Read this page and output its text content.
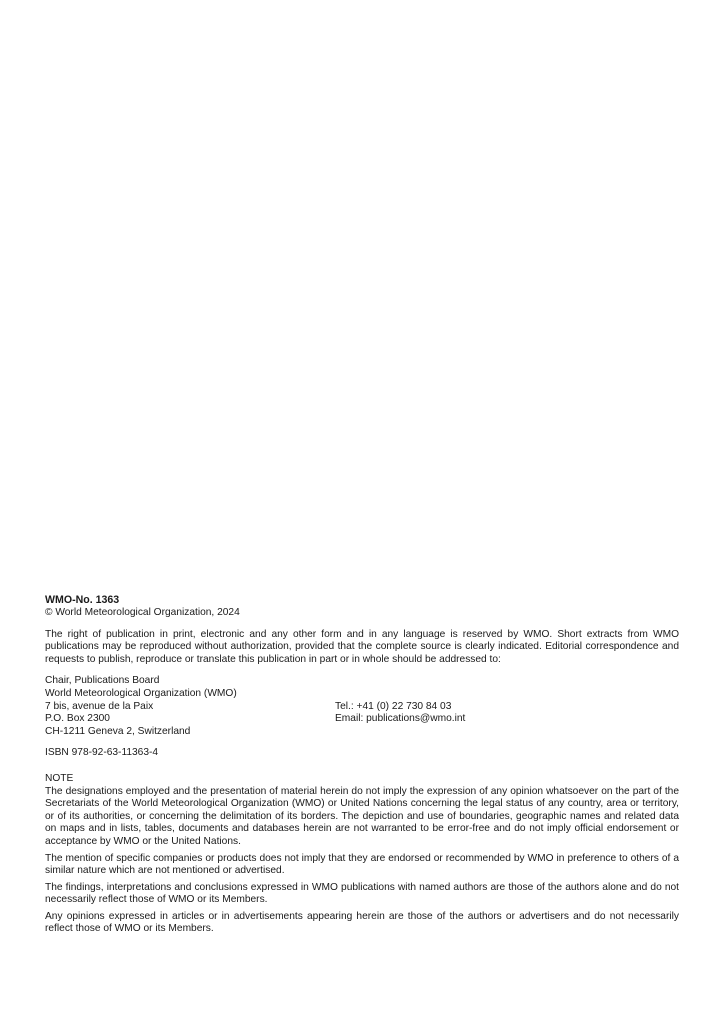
WMO-No. 1363
© World Meteorological Organization, 2024

The right of publication in print, electronic and any other form and in any language is reserved by WMO. Short extracts from WMO publications may be reproduced without authorization, provided that the complete source is clearly indicated. Editorial correspondence and requests to publish, reproduce or translate this publication in part or in whole should be addressed to:

Chair, Publications Board
World Meteorological Organization (WMO)
7 bis, avenue de la Paix	Tel.: +41 (0) 22 730 84 03
P.O. Box 2300	Email: publications@wmo.int
CH-1211 Geneva 2, Switzerland
ISBN 978-92-63-11363-4

NOTE

The designations employed and the presentation of material herein do not imply the expression of any opinion whatsoever on the part of the Secretariats of the World Meteorological Organization (WMO) or United Nations concerning the legal status of any country, area or territory, or of its authorities, or concerning the delimitation of its borders. The depiction and use of boundaries, geographic names and related data on maps and in lists, tables, documents and databases herein are not warranted to be error-free and do not imply official endorsement or acceptance by WMO or the United Nations.

The mention of specific companies or products does not imply that they are endorsed or recommended by WMO in preference to others of a similar nature which are not mentioned or advertised.

The findings, interpretations and conclusions expressed in WMO publications with named authors are those of the authors alone and do not necessarily reflect those of WMO or its Members.

Any opinions expressed in articles or in advertisements appearing herein are those of the authors or advertisers and do not necessarily reflect those of WMO or its Members.
